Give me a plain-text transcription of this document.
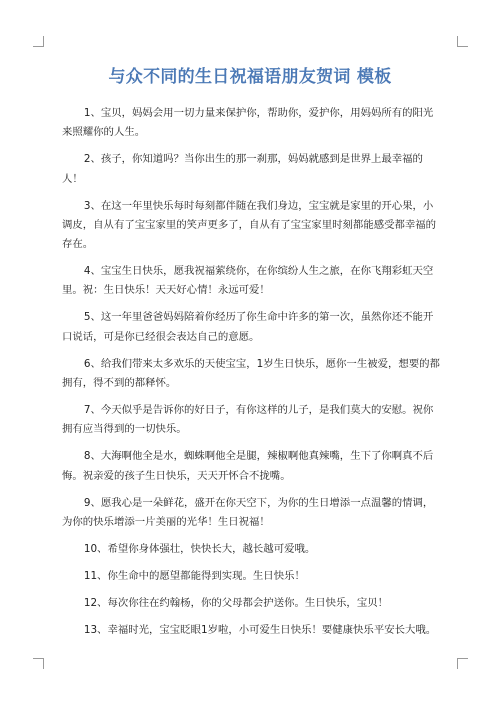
与众不同的生日祝福语朋友贺词 模板

1、宝贝，妈妈会用一切力量来保护你，帮助你，爱护你，用妈妈所有的阳光来照耀你的人生。

2、孩子，你知道吗？当你出生的那一刹那，妈妈就感到是世界上最幸福的人！

3、在这一年里快乐每时每刻都伴随在我们身边，宝宝就是家里的开心果，小调皮，自从有了宝宝家里的笑声更多了，自从有了宝宝家里时刻都能感受都幸福的存在。

4、宝宝生日快乐，愿我祝福萦绕你，在你缤纷人生之旅，在你飞翔彩虹天空里。祝：生日快乐！天天好心情！永远可爱！

5、这一年里爸爸妈妈陪着你经历了你生命中许多的第一次，虽然你还不能开口说话，可是你已经很会表达自己的意愿。

6、给我们带来太多欢乐的天使宝宝，1岁生日快乐，愿你一生被爱，想要的都拥有，得不到的都释怀。

7、今天似乎是告诉你的好日子，有你这样的儿子，是我们莫大的安慰。祝你拥有应当得到的一切快乐。

8、大海啊他全是水，蜘蛛啊他全是腿，辣椒啊他真辣嘴，生下了你啊真不后悔。祝亲爱的孩子生日快乐，天天开怀合不拢嘴。

9、愿我心是一朵鲜花，盛开在你天空下，为你的生日增添一点温馨的情调，为你的快乐增添一片美丽的光华！生日祝福！

10、希望你身体强壮，快快长大，越长越可爱哦。

11、你生命中的愿望都能得到实现。生日快乐！

12、每次你往在约翰杨，你的父母都会护送你。生日快乐，宝贝！

13、幸福时光，宝宝眨眼1岁啦，小可爱生日快乐！要健康快乐平安长大哦。
